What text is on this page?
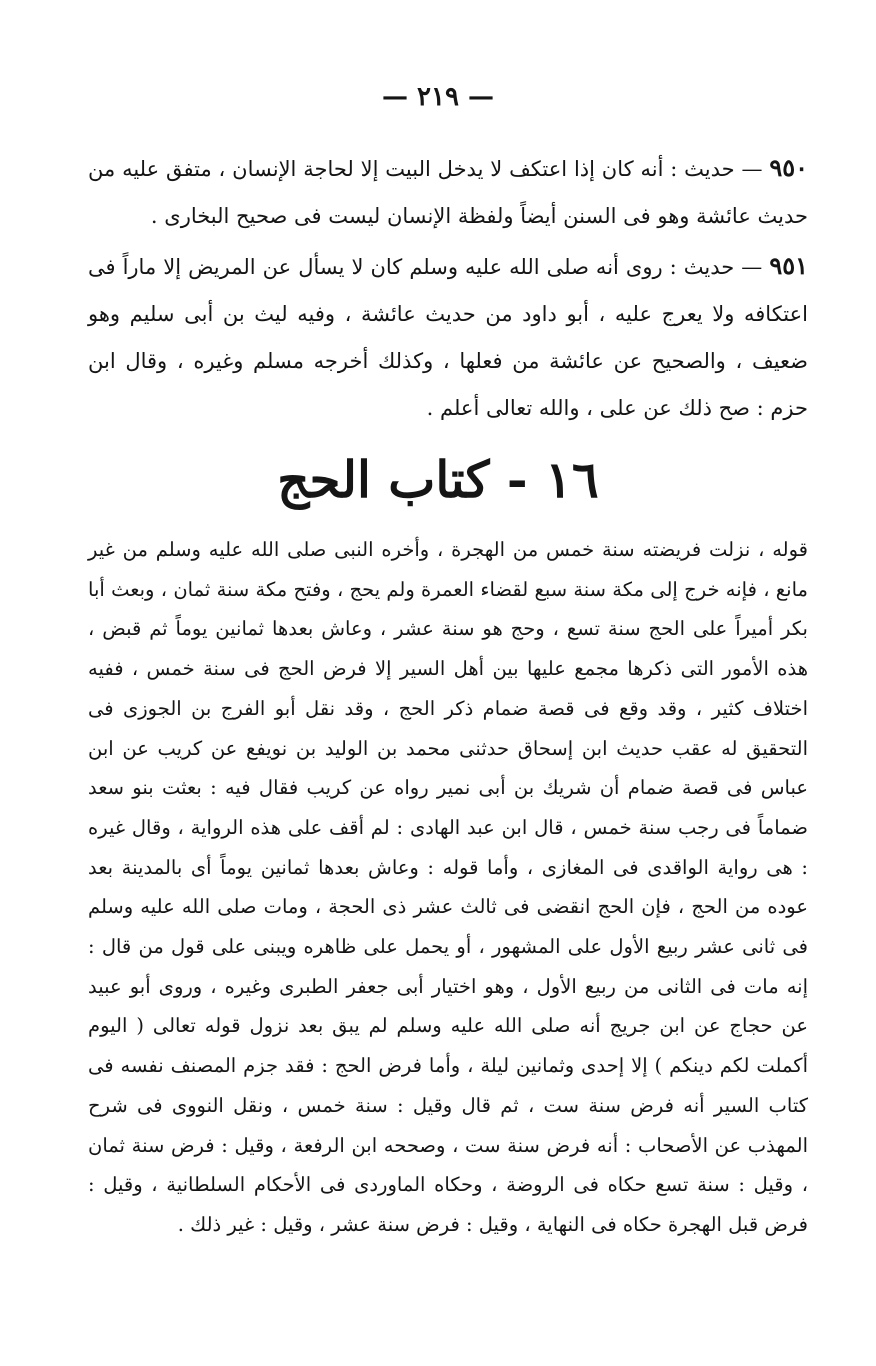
— ٢١٩ —

٩٥٠ — حديث : أنه كان إذا اعتكف لا يدخل البيت إلا لحاجة الإنسان ، متفق عليه من حديث عائشة وهو فى السنن أيضاً ولفظة الإنسان ليست فى صحيح البخارى .

٩٥١ — حديث : روى أنه صلى الله عليه وسلم كان لا يسأل عن المريض إلا ماراً فى اعتكافه ولا يعرج عليه ، أبو داود من حديث عائشة ، وفيه ليث بن أبى سليم وهو ضعيف ، والصحيح عن عائشة من فعلها ، وكذلك أخرجه مسلم وغيره ، وقال ابن حزم : صح ذلك عن على ، والله تعالى أعلم .

١٦ - كتاب الحج

قوله ، نزلت فريضته سنة خمس من الهجرة ، وأخره النبى صلى الله عليه وسلم من غير مانع ، فإنه خرج إلى مكة سنة سبع لقضاء العمرة ولم يحج ، وفتح مكة سنة ثمان ، وبعث أبا بكر أميراً على الحج سنة تسع ، وحج هو سنة عشر ، وعاش بعدها ثمانين يوماً ثم قبض ، هذه الأمور التى ذكرها مجمع عليها بين أهل السير إلا فرض الحج فى سنة خمس ، ففيه اختلاف كثير ، وقد وقع فى قصة ضمام ذكر الحج ، وقد نقل أبو الفرج بن الجوزى فى التحقيق له عقب حديث ابن إسحاق حدثنى محمد بن الوليد بن نويفع عن كريب عن ابن عباس فى قصة ضمام أن شريك بن أبى نمير رواه عن كريب فقال فيه : بعثت بنو سعد ضماماً فى رجب سنة خمس ، قال ابن عبد الهادى : لم أقف على هذه الرواية ، وقال غيره : هى رواية الواقدى فى المغازى ، وأما قوله : وعاش بعدها ثمانين يوماً أى بالمدينة بعد عوده من الحج ، فإن الحج انقضى فى ثالث عشر ذى الحجة ، ومات صلى الله عليه وسلم فى ثانى عشر ربيع الأول على المشهور ، أو يحمل على ظاهره ويبنى على قول من قال : إنه مات فى الثانى من ربيع الأول ، وهو اختيار أبى جعفر الطبرى وغيره ، وروى أبو عبيد عن حجاج عن ابن جريج أنه صلى الله عليه وسلم لم يبق بعد نزول قوله تعالى ( اليوم أكملت لكم دينكم ) إلا إحدى وثمانين ليلة ، وأما فرض الحج : فقد جزم المصنف نفسه فى كتاب السير أنه فرض سنة ست ، ثم قال وقيل : سنة خمس ، ونقل النووى فى شرح المهذب عن الأصحاب : أنه فرض سنة ست ، وصححه ابن الرفعة ، وقيل : فرض سنة ثمان ، وقيل : سنة تسع حكاه فى الروضة ، وحكاه الماوردى فى الأحكام السلطانية ، وقيل : فرض قبل الهجرة حكاه فى النهاية ، وقيل : فرض سنة عشر ، وقيل : غير ذلك .
